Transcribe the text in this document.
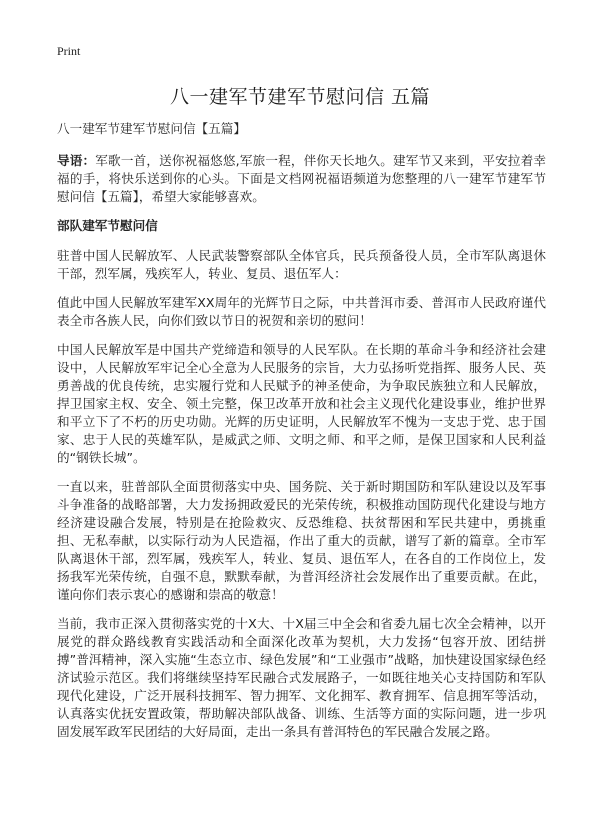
Print
八一建军节建军节慰问信 五篇

八一建军节建军节慰问信【五篇】

导语：军歌一首，送你祝福悠悠,军旅一程，伴你天长地久。建军节又来到，平安拉着幸福的手，将快乐送到你的心头。下面是文档网祝福语频道为您整理的八一建军节建军节慰问信【五篇】，希望大家能够喜欢。

部队建军节慰问信

驻普中国人民解放军、人民武装警察部队全体官兵，民兵预备役人员，全市军队离退休干部，烈军属，残疾军人，转业、复员、退伍军人：

值此中国人民解放军建军XX周年的光辉节日之际，中共普洱市委、普洱市人民政府谨代表全市各族人民，向你们致以节日的祝贺和亲切的慰问！

中国人民解放军是中国共产党缔造和领导的人民军队。在长期的革命斗争和经济社会建设中，人民解放军牢记全心全意为人民服务的宗旨，大力弘扬听党指挥、服务人民、英勇善战的优良传统，忠实履行党和人民赋予的神圣使命，为争取民族独立和人民解放，捍卫国家主权、安全、领土完整，保卫改革开放和社会主义现代化建设事业，维护世界和平立下了不朽的历史功勋。光辉的历史证明，人民解放军不愧为一支忠于党、忠于国家、忠于人民的英雄军队，是威武之师、文明之师、和平之师，是保卫国家和人民利益的“钢铁长城”。

一直以来，驻普部队全面贯彻落实中央、国务院、关于新时期国防和军队建设以及军事斗争准备的战略部署，大力发扬拥政爱民的光荣传统，积极推动国防现代化建设与地方经济建设融合发展，特别是在抢险救灾、反恐维稳、扶贫帮困和军民共建中，勇挑重担、无私奉献，以实际行动为人民造福，作出了重大的贡献，谱写了新的篇章。全市军队离退休干部，烈军属，残疾军人，转业、复员、退伍军人，在各自的工作岗位上，发扬我军光荣传统，自强不息，默默奉献，为普洱经济社会发展作出了重要贡献。在此，谨向你们表示衷心的感谢和崇高的敬意！

当前，我市正深入贯彻落实党的十X大、十X届三中全会和省委九届七次全会精神，以开展党的群众路线教育实践活动和全面深化改革为契机，大力发扬“包容开放、团结拼搏”普洱精神，深入实施“生态立市、绿色发展”和“工业强市”战略，加快建设国家绿色经济试验示范区。我们将继续坚持军民融合式发展路子，一如既往地关心支持国防和军队现代化建设，广泛开展科技拥军、智力拥军、文化拥军、教育拥军、信息拥军等活动，认真落实优抚安置政策，帮助解决部队战备、训练、生活等方面的实际问题，进一步巩固发展军政军民团结的大好局面，走出一条具有普洱特色的军民融合发展之路。
